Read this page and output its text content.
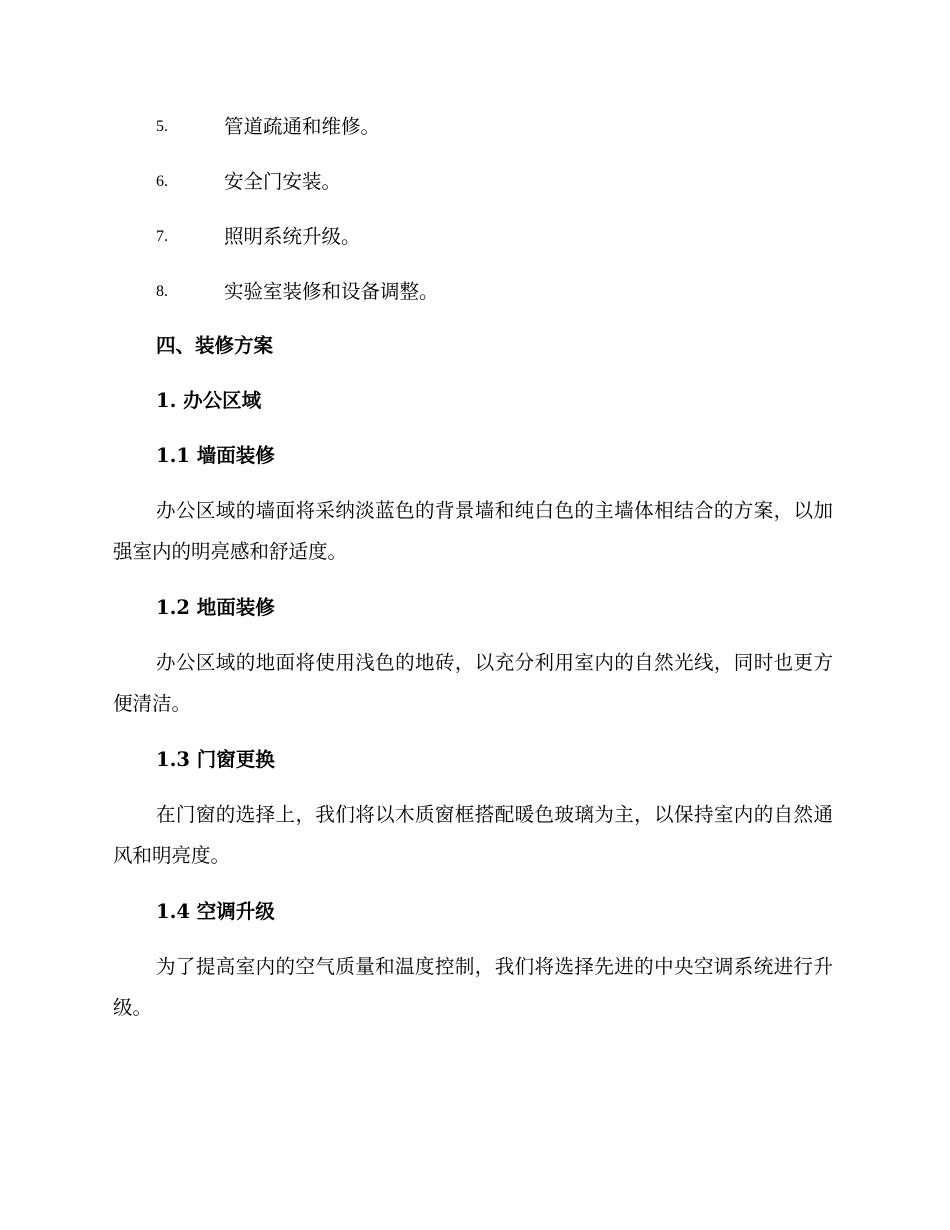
5.	管道疏通和维修。
6.	安全门安装。
7.	照明系统升级。
8.	实验室装修和设备调整。
四、装修方案
1. 办公区域
1.1 墙面装修
办公区域的墙面将采纳淡蓝色的背景墙和纯白色的主墙体相结合的方案，以加强室内的明亮感和舒适度。
1.2 地面装修
办公区域的地面将使用浅色的地砖，以充分利用室内的自然光线，同时也更方便清洁。
1.3 门窗更换
在门窗的选择上，我们将以木质窗框搭配暖色玻璃为主，以保持室内的自然通风和明亮度。
1.4 空调升级
为了提高室内的空气质量和温度控制，我们将选择先进的中央空调系统进行升级。
